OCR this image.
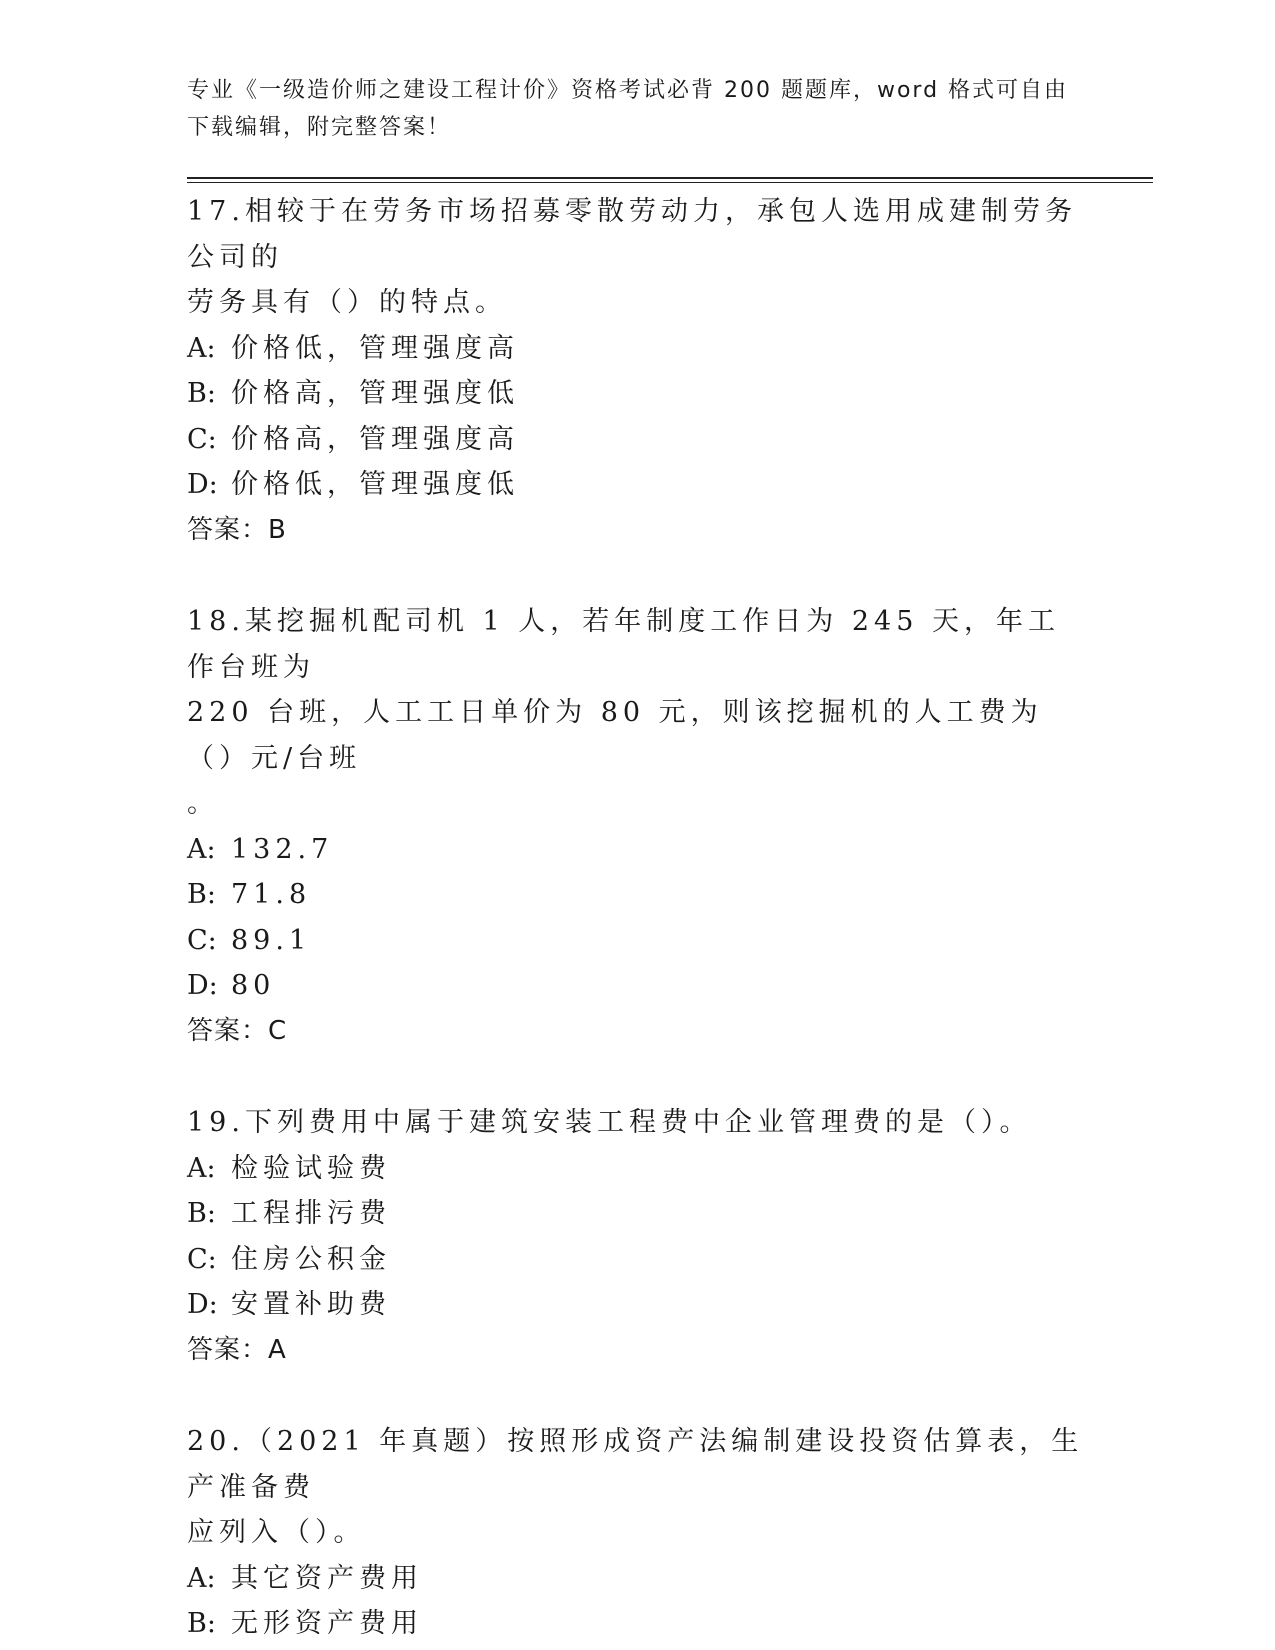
专业《一级造价师之建设工程计价》资格考试必背 200 题题库，word 格式可自由
下载编辑，附完整答案！

17.相较于在劳务市场招募零散劳动力，承包人选用成建制劳务公司的

劳务具有（）的特点。

A: 价格低，管理强度高

B: 价格高，管理强度低

C: 价格高，管理强度高

D: 价格低，管理强度低

答案：B

18.某挖掘机配司机 1 人，若年制度工作日为 245 天，年工作台班为

220 台班，人工工日单价为 80 元，则该挖掘机的人工费为（）元/台班

。

A: 132.7

B: 71.8

C: 89.1

D: 80

答案：C

19.下列费用中属于建筑安装工程费中企业管理费的是（）。

A: 检验试验费

B: 工程排污费

C: 住房公积金

D: 安置补助费

答案：A

20.（2021 年真题）按照形成资产法编制建设投资估算表，生产准备费

应列入（）。

A: 其它资产费用

B: 无形资产费用
